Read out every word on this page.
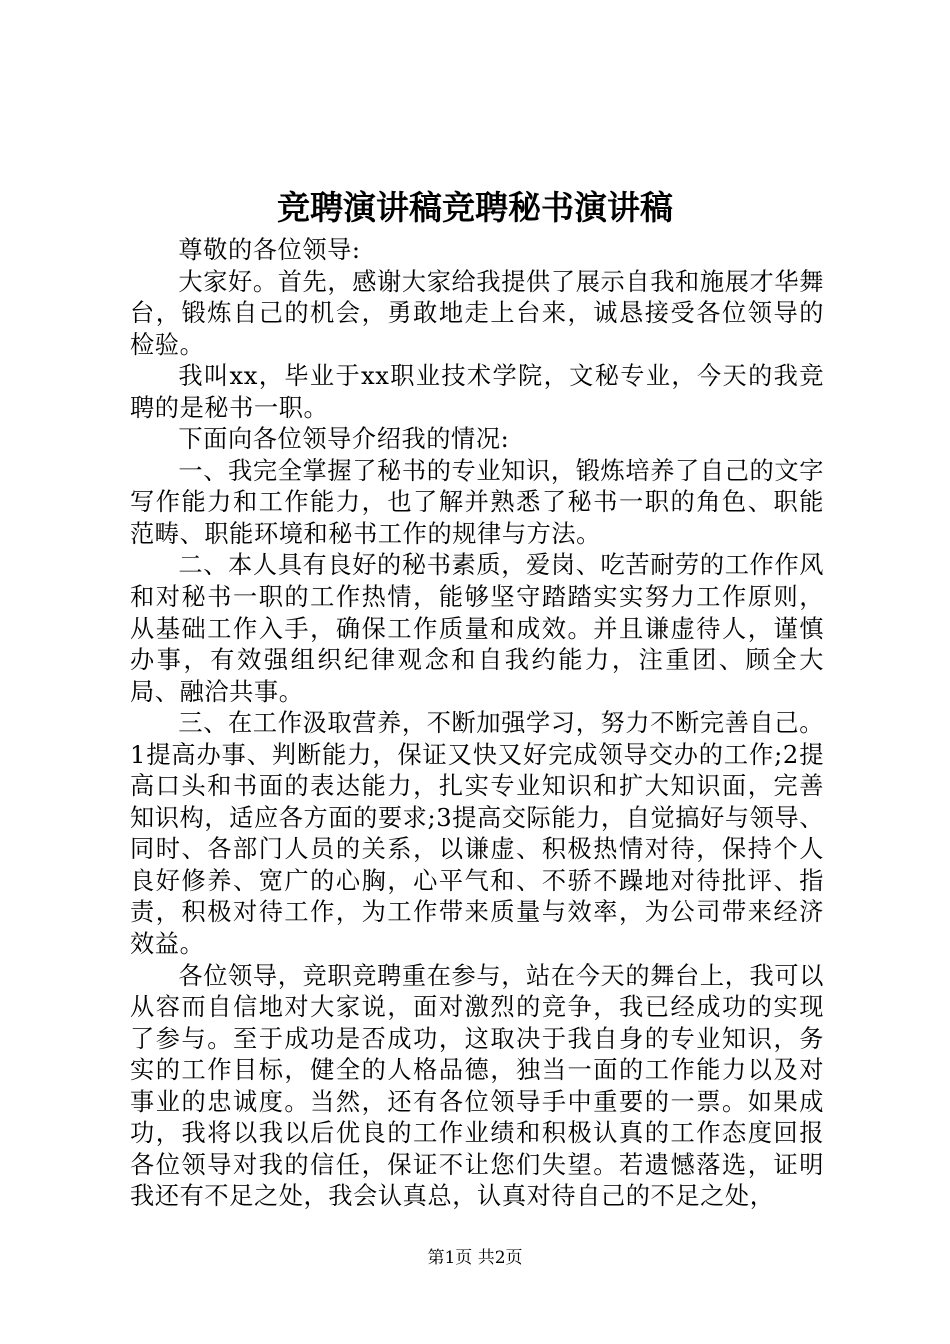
竞聘演讲稿竞聘秘书演讲稿

尊敬的各位领导:

大家好。首先，感谢大家给我提供了展示自我和施展才华舞台，锻炼自己的机会，勇敢地走上台来，诚恳接受各位领导的检验。

我叫xx，毕业于xx职业技术学院，文秘专业，今天的我竞聘的是秘书一职。

下面向各位领导介绍我的情况:

一、我完全掌握了秘书的专业知识，锻炼培养了自己的文字写作能力和工作能力，也了解并熟悉了秘书一职的角色、职能范畴、职能环境和秘书工作的规律与方法。

二、本人具有良好的秘书素质，爱岗、吃苦耐劳的工作作风和对秘书一职的工作热情，能够坚守踏踏实实努力工作原则，从基础工作入手，确保工作质量和成效。并且谦虚待人，谨慎办事，有效强组织纪律观念和自我约能力，注重团、顾全大局、融洽共事。

三、在工作汲取营养，不断加强学习，努力不断完善自己。1提高办事、判断能力，保证又快又好完成领导交办的工作;2提高口头和书面的表达能力，扎实专业知识和扩大知识面，完善知识构，适应各方面的要求;3提高交际能力，自觉搞好与领导、同时、各部门人员的关系，以谦虚、积极热情对待，保持个人良好修养、宽广的心胸，心平气和、不骄不躁地对待批评、指责，积极对待工作，为工作带来质量与效率，为公司带来经济效益。

各位领导，竞职竞聘重在参与，站在今天的舞台上，我可以从容而自信地对大家说，面对激烈的竞争，我已经成功的实现了参与。至于成功是否成功，这取决于我自身的专业知识，务实的工作目标，健全的人格品德，独当一面的工作能力以及对事业的忠诚度。当然，还有各位领导手中重要的一票。如果成功，我将以我以后优良的工作业绩和积极认真的工作态度回报各位领导对我的信任，保证不让您们失望。若遗憾落选，证明我还有不足之处，我会认真总，认真对待自己的不足之处，

第1页 共2页
